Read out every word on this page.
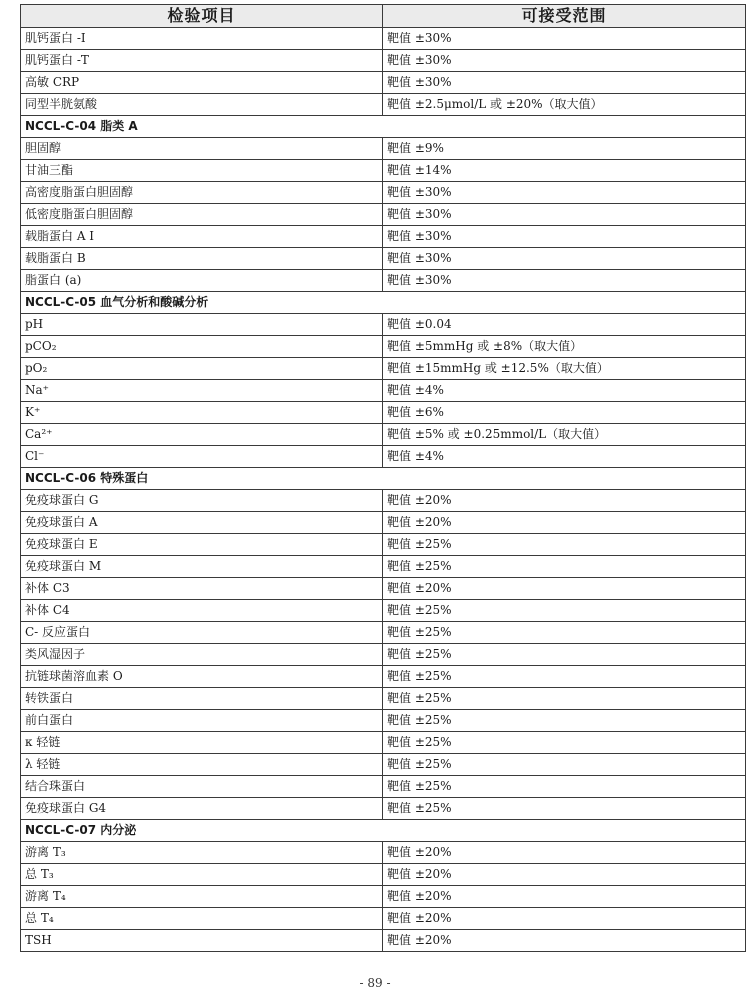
检验项目	可接受范围
肌钙蛋白 -I	靶值 ±30%
肌钙蛋白 -T	靶值 ±30%
高敏 CRP	靶值 ±30%
同型半胱氨酸	靶值 ±2.5μmol/L 或 ±20%（取大值）
NCCL-C-04 脂类 A	
胆固醇	靶值 ±9%
甘油三酯	靶值 ±14%
高密度脂蛋白胆固醇	靶值 ±30%
低密度脂蛋白胆固醇	靶值 ±30%
载脂蛋白 A Ⅰ	靶值 ±30%
载脂蛋白 B	靶值 ±30%
脂蛋白 (a)	靶值 ±30%
NCCL-C-05 血气分析和酸碱分析	
pH	靶值 ±0.04
pCO₂	靶值 ±5mmHg 或 ±8%（取大值）
pO₂	靶值 ±15mmHg 或 ±12.5%（取大值）
Na⁺	靶值 ±4%
K⁺	靶值 ±6%
Ca²⁺	靶值 ±5% 或 ±0.25mmol/L（取大值）
Cl⁻	靶值 ±4%
NCCL-C-06 特殊蛋白	
免疫球蛋白 G	靶值 ±20%
免疫球蛋白 A	靶值 ±20%
免疫球蛋白 E	靶值 ±25%
免疫球蛋白 M	靶值 ±25%
补体 C3	靶值 ±20%
补体 C4	靶值 ±25%
C- 反应蛋白	靶值 ±25%
类风湿因子	靶值 ±25%
抗链球菌溶血素 O	靶值 ±25%
转铁蛋白	靶值 ±25%
前白蛋白	靶值 ±25%
κ 轻链	靶值 ±25%
λ 轻链	靶值 ±25%
结合珠蛋白	靶值 ±25%
免疫球蛋白 G4	靶值 ±25%
NCCL-C-07 内分泌	
游离 T₃	靶值 ±20%
总 T₃	靶值 ±20%
游离 T₄	靶值 ±20%
总 T₄	靶值 ±20%
TSH	靶值 ±20%
- 89 -
